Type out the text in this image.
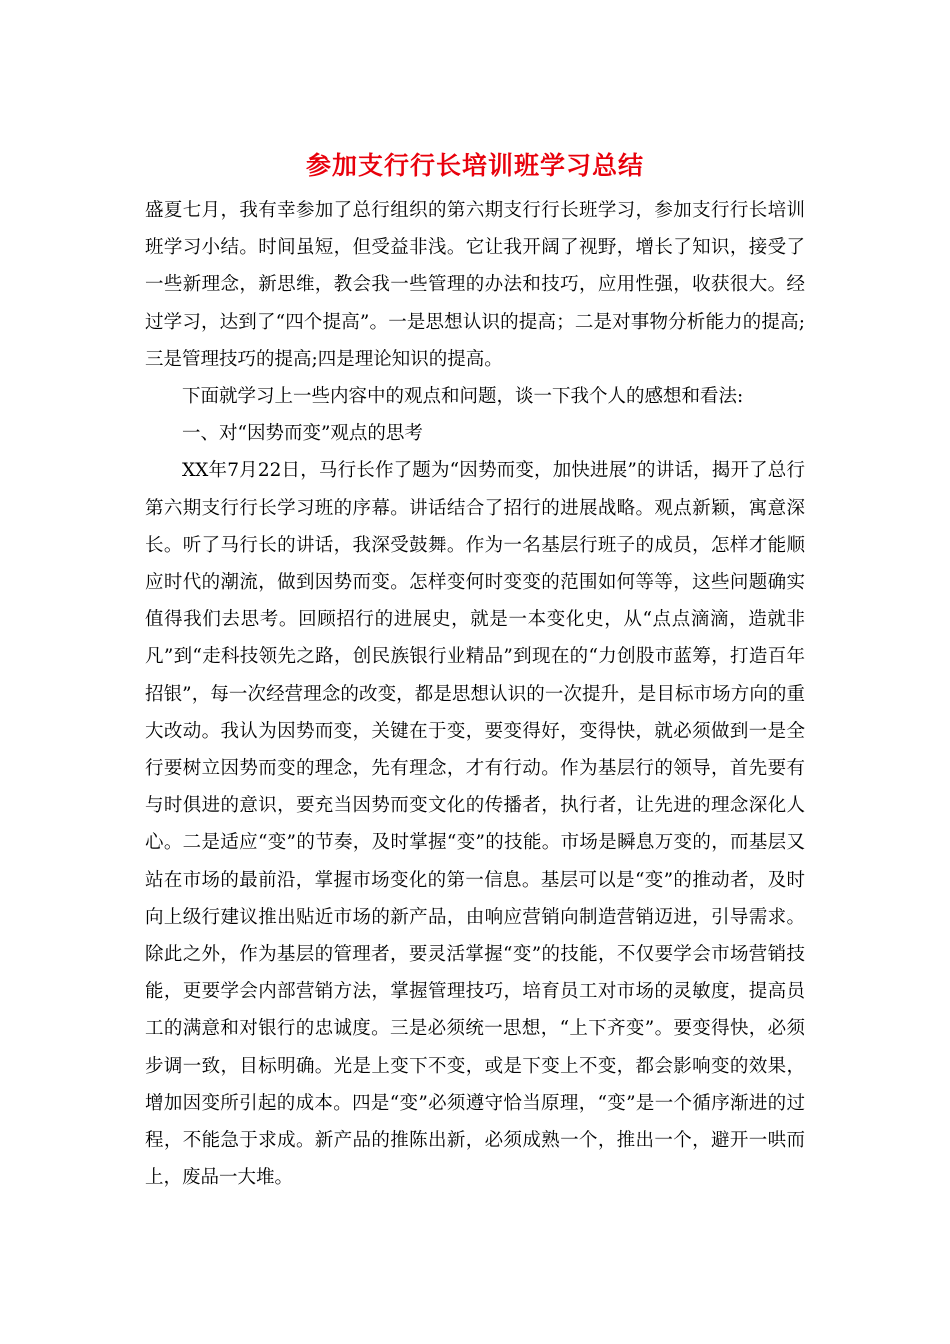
参加支行行长培训班学习总结

盛夏七月，我有幸参加了总行组织的第六期支行行长班学习，参加支行行长培训班学习小结。时间虽短，但受益非浅。它让我开阔了视野，增长了知识，接受了一些新理念，新思维，教会我一些管理的办法和技巧，应用性强，收获很大。经过学习，达到了“四个提高”。一是思想认识的提高；二是对事物分析能力的提高;三是管理技巧的提高;四是理论知识的提高。

下面就学习上一些内容中的观点和问题，谈一下我个人的感想和看法:

一、对“因势而变”观点的思考

XX年7月22日，马行长作了题为“因势而变，加快进展”的讲话，揭开了总行第六期支行行长学习班的序幕。讲话结合了招行的进展战略。观点新颖，寓意深长。听了马行长的讲话，我深受鼓舞。作为一名基层行班子的成员，怎样才能顺应时代的潮流，做到因势而变。怎样变何时变变的范围如何等等，这些问题确实值得我们去思考。回顾招行的进展史，就是一本变化史，从“点点滴滴，造就非凡”到“走科技领先之路，创民族银行业精品”到现在的“力创股市蓝筹，打造百年招银”，每一次经营理念的改变，都是思想认识的一次提升，是目标市场方向的重大改动。我认为因势而变，关键在于变，要变得好，变得快，就必须做到一是全行要树立因势而变的理念，先有理念，才有行动。作为基层行的领导，首先要有与时俱进的意识，要充当因势而变文化的传播者，执行者，让先进的理念深化人心。二是适应“变”的节奏，及时掌握“变”的技能。市场是瞬息万变的，而基层又站在市场的最前沿，掌握市场变化的第一信息。基层可以是“变”的推动者，及时向上级行建议推出贴近市场的新产品，由响应营销向制造营销迈进，引导需求。除此之外，作为基层的管理者，要灵活掌握“变”的技能，不仅要学会市场营销技能，更要学会内部营销方法，掌握管理技巧，培育员工对市场的灵敏度，提高员工的满意和对银行的忠诚度。三是必须统一思想，“上下齐变”。要变得快，必须步调一致，目标明确。光是上变下不变，或是下变上不变，都会影响变的效果，增加因变所引起的成本。四是“变”必须遵守恰当原理，“变”是一个循序渐进的过程，不能急于求成。新产品的推陈出新，必须成熟一个，推出一个，避开一哄而上，废品一大堆。
